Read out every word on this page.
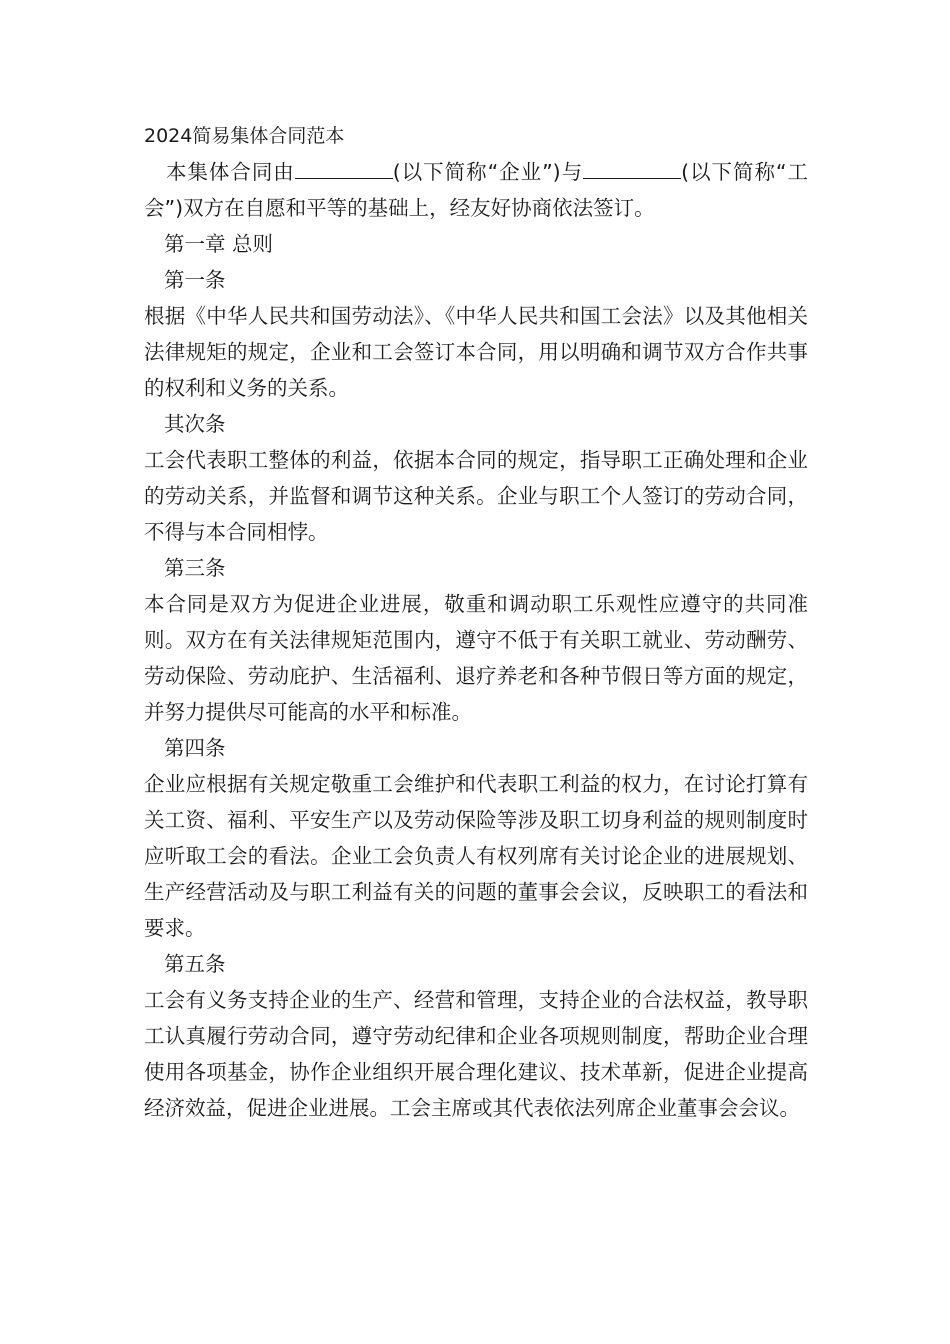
2024简易集体合同范本

本集体合同由	(以下简称“企业”)与	(以下简称“工会”)双方在自愿和平等的基础上，经友好协商依法签订。

第一章 总则

第一条

根据《中华人民共和国劳动法》、《中华人民共和国工会法》以及其他相关法律规矩的规定，企业和工会签订本合同，用以明确和调节双方合作共事的权利和义务的关系。

其次条

工会代表职工整体的利益，依据本合同的规定，指导职工正确处理和企业的劳动关系，并监督和调节这种关系。企业与职工个人签订的劳动合同，不得与本合同相悖。

第三条

本合同是双方为促进企业进展，敬重和调动职工乐观性应遵守的共同准则。双方在有关法律规矩范围内，遵守不低于有关职工就业、劳动酬劳、劳动保险、劳动庇护、生活福利、退疗养老和各种节假日等方面的规定，并努力提供尽可能高的水平和标准。

第四条

企业应根据有关规定敬重工会维护和代表职工利益的权力，在讨论打算有关工资、福利、平安生产以及劳动保险等涉及职工切身利益的规则制度时应听取工会的看法。企业工会负责人有权列席有关讨论企业的进展规划、生产经营活动及与职工利益有关的问题的董事会会议，反映职工的看法和要求。

第五条

工会有义务支持企业的生产、经营和管理，支持企业的合法权益，教导职工认真履行劳动合同，遵守劳动纪律和企业各项规则制度，帮助企业合理使用各项基金，协作企业组织开展合理化建议、技术革新，促进企业提高经济效益，促进企业进展。工会主席或其代表依法列席企业董事会会议。
